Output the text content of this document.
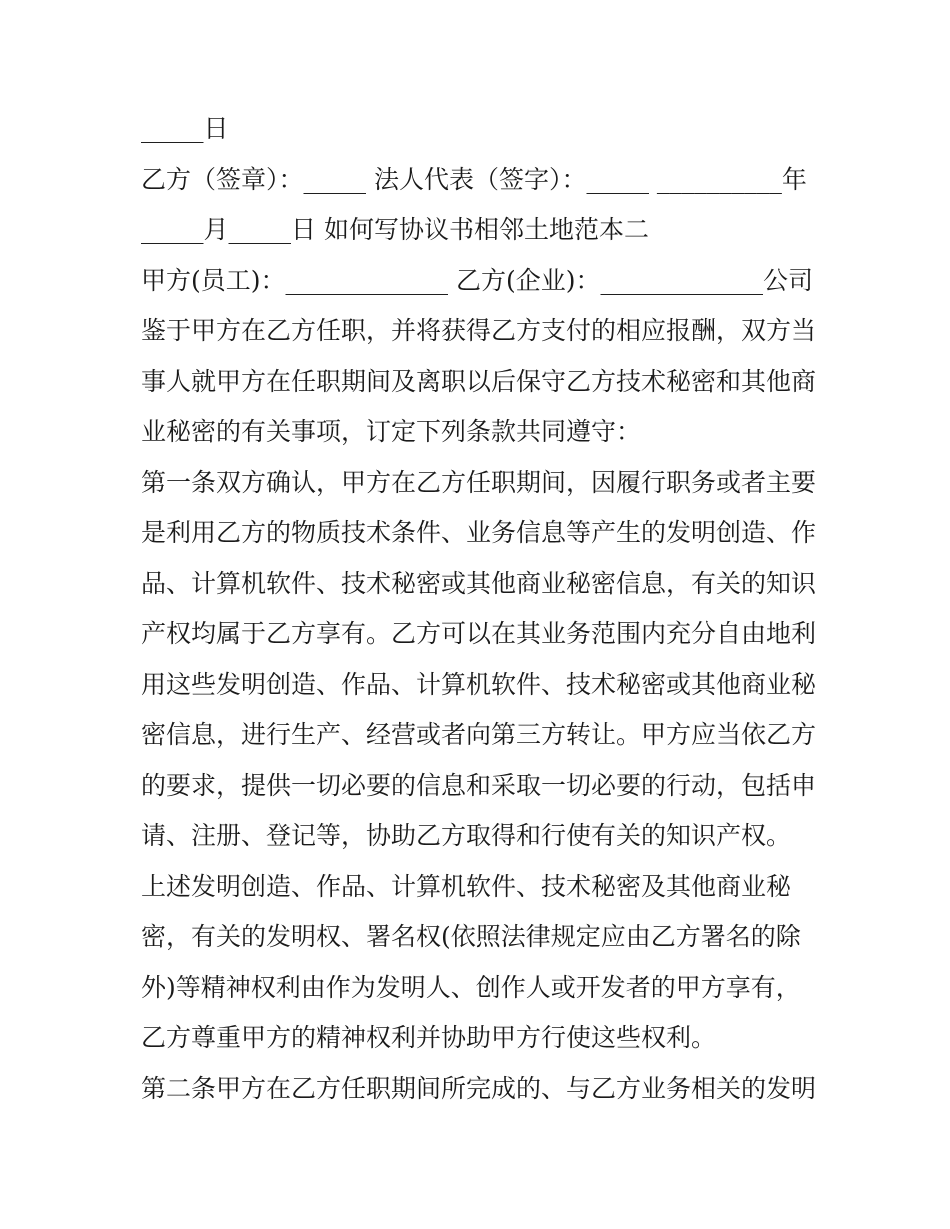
_____日
乙方（签章）：_____ 法人代表（签字）：_____ __________年
_____月_____日 如何写协议书相邻土地范本二
甲方(员工)：_____________ 乙方(企业)：_____________公司
鉴于甲方在乙方任职，并将获得乙方支付的相应报酬，双方当
事人就甲方在任职期间及离职以后保守乙方技术秘密和其他商
业秘密的有关事项，订定下列条款共同遵守：
第一条双方确认，甲方在乙方任职期间，因履行职务或者主要
是利用乙方的物质技术条件、业务信息等产生的发明创造、作
品、计算机软件、技术秘密或其他商业秘密信息，有关的知识
产权均属于乙方享有。乙方可以在其业务范围内充分自由地利
用这些发明创造、作品、计算机软件、技术秘密或其他商业秘
密信息，进行生产、经营或者向第三方转让。甲方应当依乙方
的要求，提供一切必要的信息和采取一切必要的行动，包括申
请、注册、登记等，协助乙方取得和行使有关的知识产权。
上述发明创造、作品、计算机软件、技术秘密及其他商业秘
密，有关的发明权、署名权(依照法律规定应由乙方署名的除
外)等精神权利由作为发明人、创作人或开发者的甲方享有，
乙方尊重甲方的精神权利并协助甲方行使这些权利。
第二条甲方在乙方任职期间所完成的、与乙方业务相关的发明
